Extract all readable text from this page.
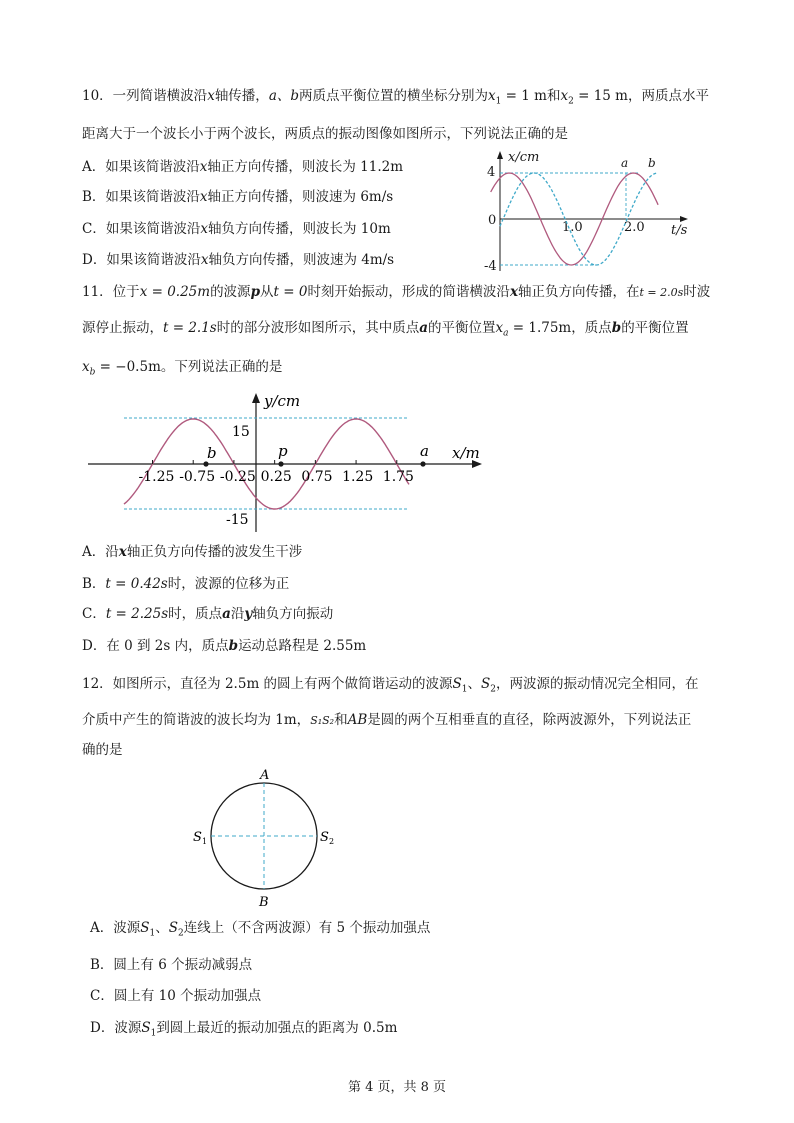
10．一列简谐横波沿x轴传播，a、b两质点平衡位置的横坐标分别为$x_1 = 1$ m和$x_2 = 15$ m，两质点水平
距离大于一个波长小于两个波长，两质点的振动图像如图所示，下列说法正确的是
A．如果该简谐波沿x轴正方向传播，则波长为 11.2m
B．如果该简谐波沿x轴正方向传播，则波速为 6m/s
C．如果该简谐波沿x轴负方向传播，则波长为 10m
D．如果该简谐波沿x轴负方向传播，则波速为 4m/s
x/cm
t/s
4
0
-4
1.0	2.0
a b
11．位于x = 0.25m的波源p从t = 0时刻开始振动，形成的简谐横波沿x轴正负方向传播，在t = 2.0s时波
源停止振动，t = 2.1s时的部分波形如图所示，其中质点a的平衡位置$x_a = 1.75m$，质点b的平衡位置
$x_b = -0.5m$。下列说法正确的是
y/cm
x/m
15
-15
-1.25 -0.75 -0.25 0.25 0.75 1.25 1.75
b	p	a
A．沿x轴正负方向传播的波发生干涉
B．t = 0.42s时，波源的位移为正
C．t = 2.25s时，质点a沿y轴负方向振动
D．在 0 到 2s 内，质点b运动总路程是 2.55m
12．如图所示，直径为 2.5m 的圆上有两个做简谐运动的波源$S_1$、$S_2$，两波源的振动情况完全相同，在
介质中产生的简谐波的波长均为 1m，S₁S₂和AB是圆的两个互相垂直的直径，除两波源外，下列说法正
确的是
A
B
S 1	S 2
A．波源$S_1$、$S_2$连线上（不含两波源）有 5 个振动加强点
B．圆上有 6 个振动减弱点
C．圆上有 10 个振动加强点
D．波源$S_1$到圆上最近的振动加强点的距离为 0.5m
第 4 页，共 8 页
